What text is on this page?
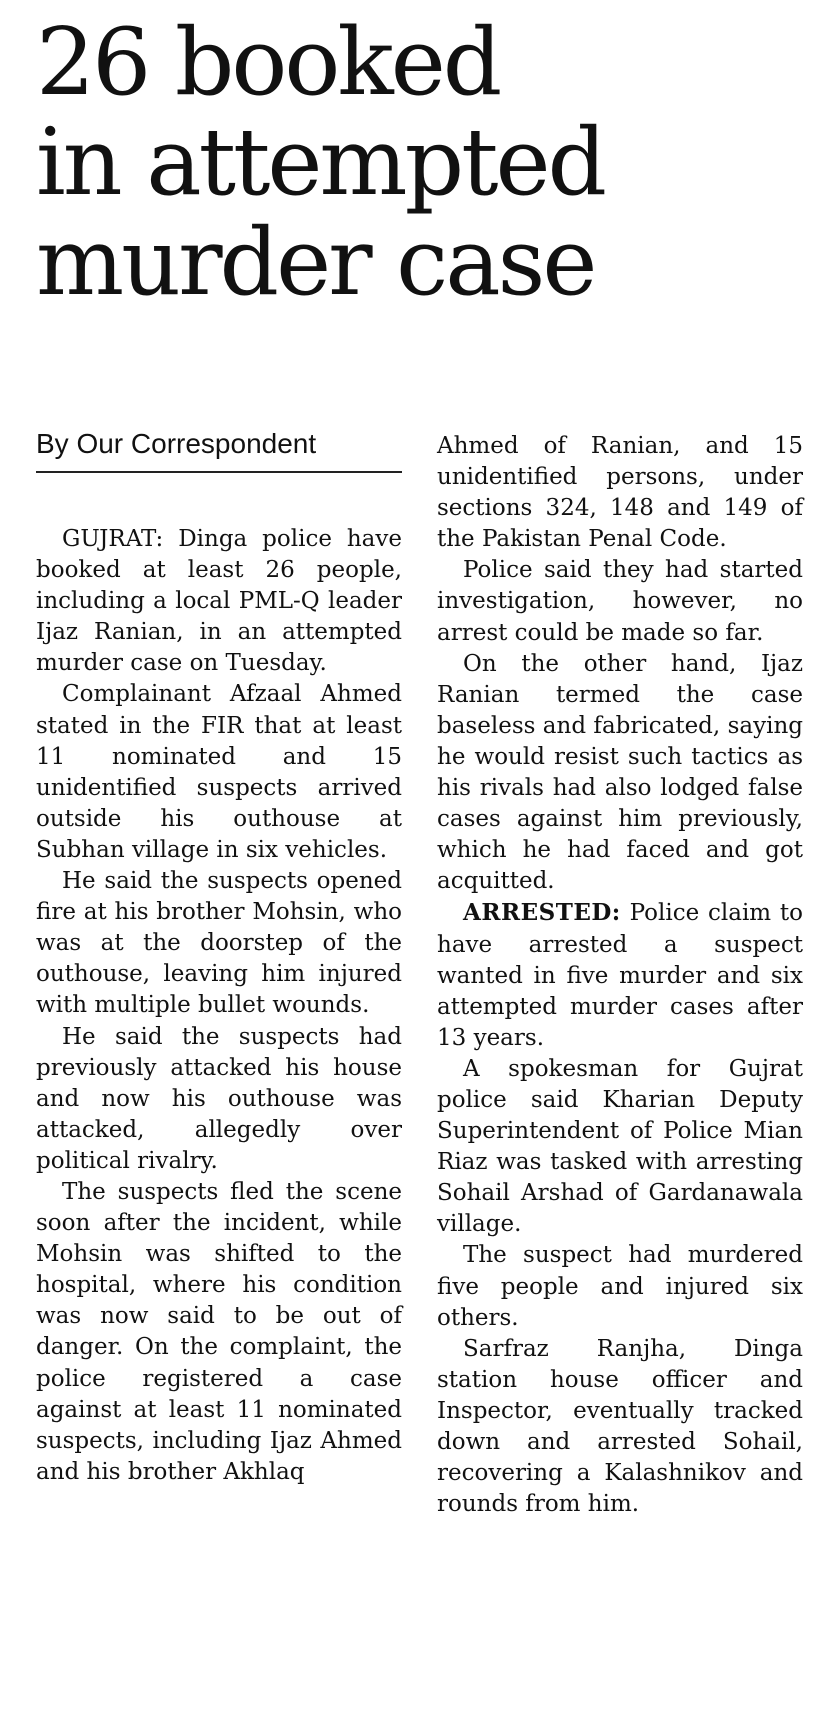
26 booked
in attempted
murder case
By Our Correspondent

GUJRAT: Dinga police have booked at least 26 people, including a local PML-Q leader Ijaz Ranian, in an attempted murder case on Tuesday.

Complainant Afzaal Ahmed stated in the FIR that at least 11 nominated and 15 unidentified suspects arrived outside his outhouse at Subhan village in six vehicles.

He said the suspects opened fire at his brother Mohsin, who was at the doorstep of the outhouse, leaving him injured with multiple bullet wounds.

He said the suspects had previously attacked his house and now his outhouse was attacked, allegedly over political rivalry.

The suspects fled the scene soon after the incident, while Mohsin was shifted to the hospital, where his condition was now said to be out of danger. On the complaint, the police registered a case against at least 11 nominated suspects, including Ijaz Ahmed and his brother Akhlaq

Ahmed of Ranian, and 15 unidentified persons, under sections 324, 148 and 149 of the Pakistan Penal Code.

Police said they had started investigation, however, no arrest could be made so far.

On the other hand, Ijaz Ranian termed the case baseless and fabricated, saying he would resist such tactics as his rivals had also lodged false cases against him previously, which he had faced and got acquitted.

ARRESTED: Police claim to have arrested a suspect wanted in five murder and six attempted murder cases after 13 years.

A spokesman for Gujrat police said Kharian Deputy Superintendent of Police Mian Riaz was tasked with arresting Sohail Arshad of Gardanawala village.

The suspect had murdered five people and injured six others.

Sarfraz Ranjha, Dinga station house officer and Inspector, eventually tracked down and arrested Sohail, recovering a Kalashnikov and rounds from him.
